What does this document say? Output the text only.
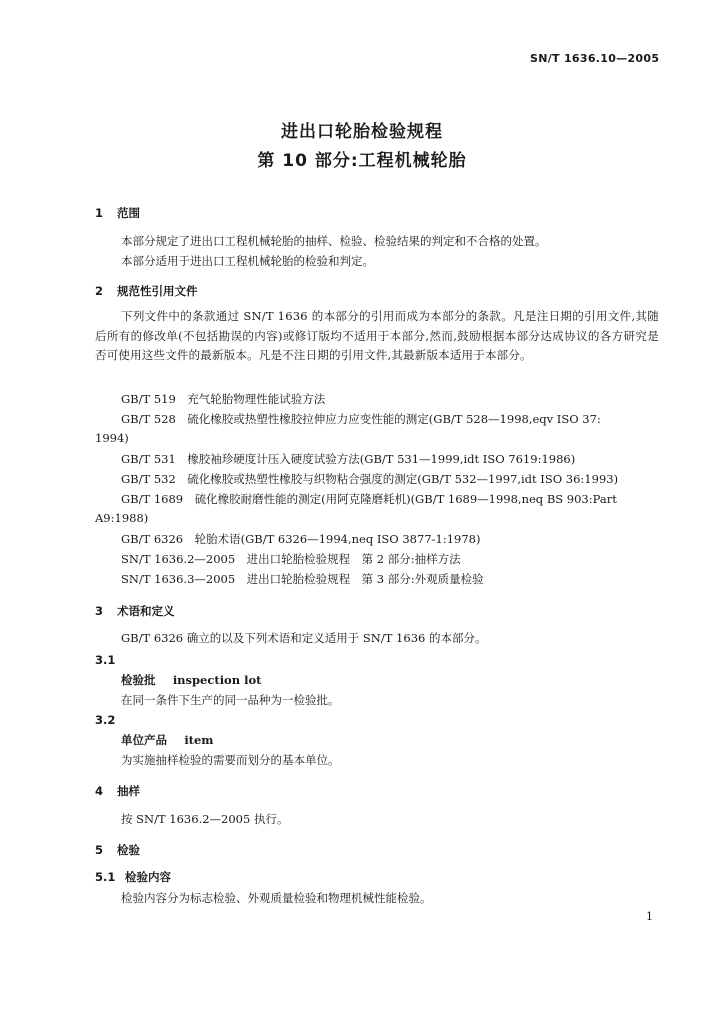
SN/T 1636.10—2005
进出口轮胎检验规程
第 10 部分:工程机械轮胎
1 范围
本部分规定了进出口工程机械轮胎的抽样、检验、检验结果的判定和不合格的处置。
本部分适用于进出口工程机械轮胎的检验和判定。
2 规范性引用文件
下列文件中的条款通过 SN/T 1636 的本部分的引用而成为本部分的条款。凡是注日期的引用文件,其随后所有的修改单(不包括勘误的内容)或修订版均不适用于本部分,然而,鼓励根据本部分达成协议的各方研究是否可使用这些文件的最新版本。凡是不注日期的引用文件,其最新版本适用于本部分。
GB/T 519　充气轮胎物理性能试验方法
GB/T 528　硫化橡胶或热塑性橡胶拉伸应力应变性能的测定(GB/T 528—1998,eqv ISO 37:
1994)
GB/T 531　橡胶袖珍硬度计压入硬度试验方法(GB/T 531—1999,idt ISO 7619:1986)
GB/T 532　硫化橡胶或热塑性橡胶与织物粘合强度的测定(GB/T 532—1997,idt ISO 36:1993)
GB/T 1689　硫化橡胶耐磨性能的测定(用阿克隆磨耗机)(GB/T 1689—1998,neq BS 903:Part
A9:1988)
GB/T 6326　轮胎术语(GB/T 6326—1994,neq ISO 3877-1:1978)
SN/T 1636.2—2005　进出口轮胎检验规程　第 2 部分:抽样方法
SN/T 1636.3—2005　进出口轮胎检验规程　第 3 部分:外观质量检验
3 术语和定义
GB/T 6326 确立的以及下列术语和定义适用于 SN/T 1636 的本部分。
3.1
检验批 inspection lot
在同一条件下生产的同一品种为一检验批。
3.2
单位产品 item
为实施抽样检验的需要而划分的基本单位。
4 抽样
按 SN/T 1636.2—2005 执行。
5 检验
5.1 检验内容
检验内容分为标志检验、外观质量检验和物理机械性能检验。
1
